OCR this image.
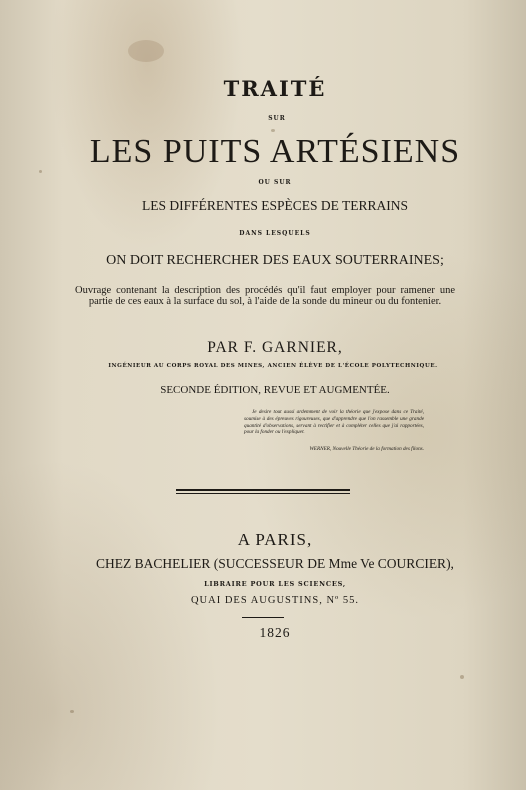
TRAITÉ
SUR
LES PUITS ARTÉSIENS
OU SUR
LES DIFFÉRENTES ESPÈCES DE TERRAINS
DANS LESQUELS
ON DOIT RECHERCHER DES EAUX SOUTERRAINES;
Ouvrage contenant la description des procédés qu'il faut employer pour ramener une partie de ces eaux à la surface du sol, à l'aide de la sonde du mineur ou du fontenier.
PAR F. GARNIER,
INGÉNIEUR AU CORPS ROYAL DES MINES, ANCIEN ÉLÈVE DE L'ÉCOLE POLYTECHNIQUE.
SECONDE ÉDITION, REVUE ET AUGMENTÉE.
Je desire tout aussi ardemment de voir la théorie que j'expose dans ce Traité, soumise à des épreuves rigoureuses, que d'apprendre que l'on rassemble une grande quantité d'observations, servant à rectifier et à compléter celles que j'ai rapportées, pour la fonder ou l'expliquer.
WERNER, Nouvelle Théorie de la formation des filons.
A PARIS,
CHEZ BACHELIER (SUCCESSEUR DE Mme Ve COURCIER),
LIBRAIRE POUR LES SCIENCES,
QUAI DES AUGUSTINS, Nº 55.
1826
